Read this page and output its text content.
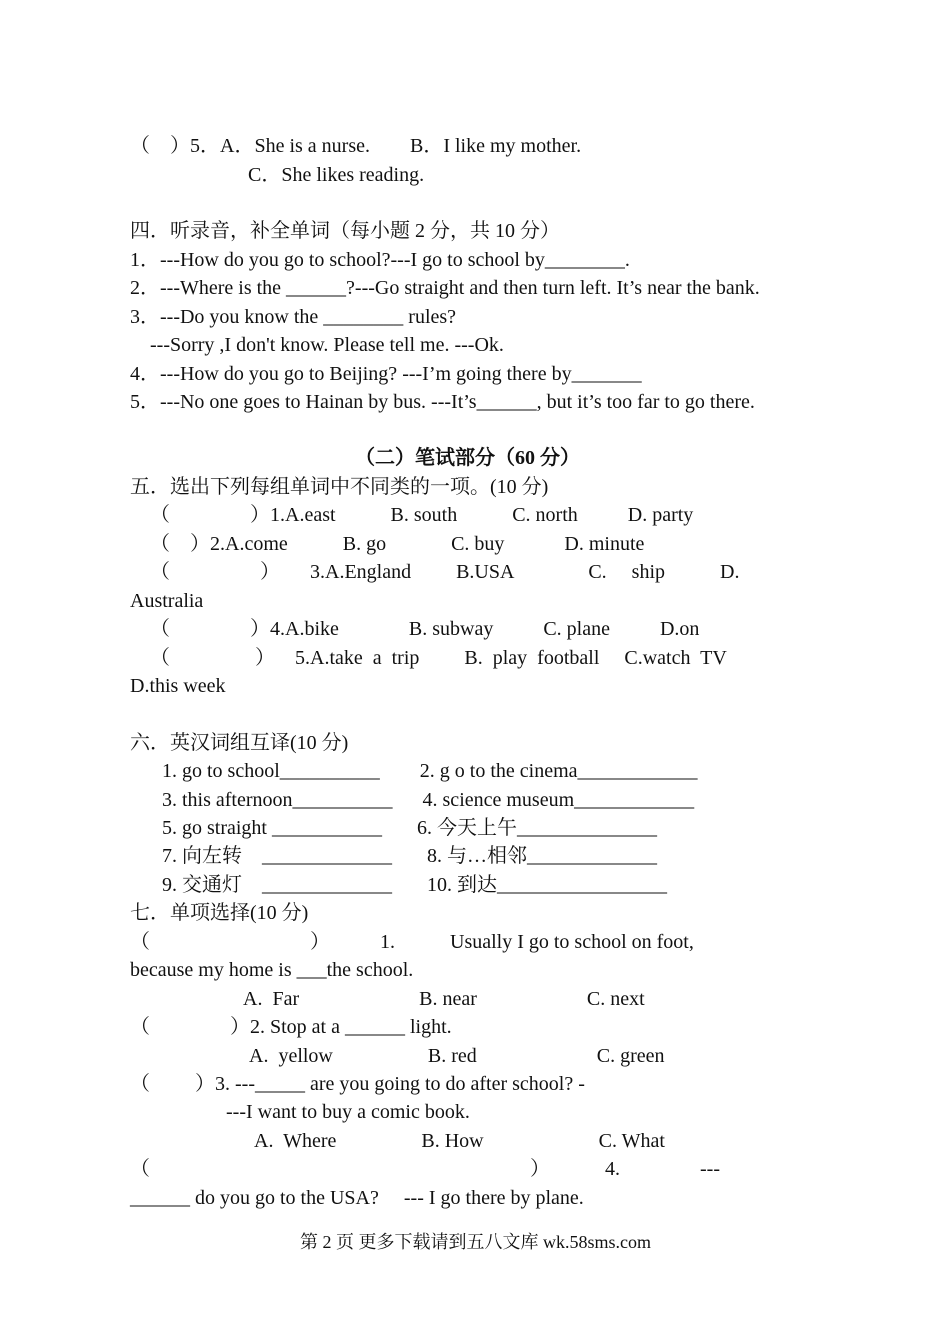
（    ）5．A．She is a nurse.        B．I like my mother.
C．She likes reading.
四．听录音，补全单词（每小题 2 分，共 10 分）
1．---How do you go to school?---I go to school by________.
2．---Where is the ______?---Go straight and then turn left. It’s near the bank.
3．---Do you know the ________ rules?
---Sorry ,I don't know. Please tell me. ---Ok.
4．---How do you go to Beijing? ---I’m going there by_______
5．---No one goes to Hainan by bus. ---It’s______, but it’s too far to go there.
（二）笔试部分（60 分）
五．选出下列每组单词中不同类的一项。(10 分)
（                ）1.A.east           B. south           C. north          D. party
（    ）2.A.come           B. go             C. buy            D. minute
（                  ）      3.A.England         B.USA               C.     ship           D.
Australia
（                ）4.A.bike              B. subway          C. plane          D.on
（                 ）    5.A.take  a  trip         B.  play  football     C.watch  TV
D.this week
六．英汉词组互译(10 分)
1. go to school__________        2. g o to the cinema____________
3. this afternoon__________      4. science museum____________
5. go straight ___________       6. 今天上午______________
7. 向左转    _____________       8. 与…相邻_____________
9. 交通灯    _____________       10. 到达_________________
七．单项选择(10 分)
（                                ）          1.           Usually I go to school on foot,
because my home is ___the school.
A.  Far                        B. near                      C. next
（                ）2. Stop at a ______ light.
A.  yellow                   B. red                        C. green
（         ）3. ---_____ are you going to do after school? -
---I want to buy a comic book.
A.  Where                 B. How                       C. What
（                                                                            ）           4.                ---
______ do you go to the USA?     --- I go there by plane.
第 2 页 更多下载请到五八文库 wk.58sms.com
